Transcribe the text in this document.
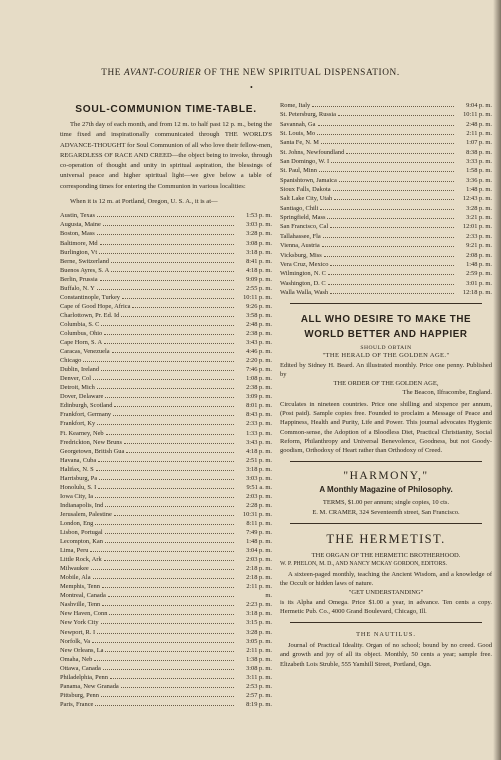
THE AVANT-COURIER OF THE NEW SPIRITUAL DISPENSATION.
•
SOUL-COMMUNION TIME-TABLE.

The 27th day of each month, and from 12 m. to half past 12 p. m., being the time fixed and inspirationally communicated through THE WORLD'S ADVANCE-THOUGHT for Soul Communion of all who love their fellow-men, REGARDLESS OF RACE AND CREED—the object being to invoke, through co-operation of thought and unity in spiritual aspiration, the blessings of universal peace and higher spiritual light—we give below a table of corresponding times for entering the Communion in various localities:

When it is 12 m. at Portland, Oregon, U. S. A., it is at—

Austin, Texas	1:53 p. m.
Augusta, Maine	3:03 p. m.
Boston, Mass	3:28 p. m.
Baltimore, Md	3:08 p. m.
Burlington, Vt	3:18 p. m.
Berne, Switzerland	8:41 p. m.
Buenos Ayres, S. A	4:18 p. m.
Berlin, Prussia	9:09 p. m.
Buffalo, N. Y	2:55 p. m.
Constantinople, Turkey	10:11 p. m.
Cape of Good Hope, Africa	9:26 p. m.
Charlottown, Pr. Ed. Id	3:58 p. m.
Columbia, S. C	2:48 p. m.
Columbus, Ohio	2:38 p. m.
Cape Horn, S. A	3:43 p. m.
Caracas, Venezuela	4:46 p. m.
Chicago	2:20 p. m.
Dublin, Ireland	7:46 p. m.
Denver, Col	1:08 p. m.
Detroit, Mich	2:38 p. m.
Dover, Delaware	3:09 p. m.
Edinburgh, Scotland	8:01 p. m.
Frankfort, Germany	8:43 p. m.
Frankfort, Ky	2:33 p. m.
Ft. Kearney, Neb	1:33 p. m.
Fredrickton, New Bruns	3:43 p. m.
Georgetown, British Gua	4:18 p. m.
Havana, Cuba	2:51 p. m.
Halifax, N. S	3:18 p. m.
Harrisburg, Pa	3:03 p. m.
Honolulu, S. I	9:51 a. m.
Iowa City, Ia	2:03 p. m.
Indianapolis, Ind	2:28 p. m.
Jerusalem, Palestine	10:31 p. m.
London, Eng	8:11 p. m.
Lisbon, Portugal	7:49 p. m.
Lecompton, Kan	1:48 p. m.
Lima, Peru	3:04 p. m.
Little Rock, Ark	2:03 p. m.
Milwaukee	2:18 p. m.
Mobile, Ala	2:18 p. m.
Memphis, Tenn	2:11 p. m.
Montreal, Canada	m.
Nashville, Tenn	2:23 p. m.
New Haven, Conn	3:18 p. m.
New York City	3:15 p. m.
Newport, R. I	3:28 p. m.
Norfolk, Va	3:05 p. m.
New Orleans, La	2:11 p. m.
Omaha, Neb	1:38 p. m.
Ottawa, Canada	3:08 p. m.
Philadelphia, Penn	3:11 p. m.
Panama, New Granada	2:53 p. m.
Pittsburg, Penn	2:57 p. m.
Paris, France	8:19 p. m.
Rome, Italy	9:04 p. m.
St. Petersburg, Russia	10:11 p. m.
Savannah, Ga	2:48 p. m.
St. Louis, Mo	2:11 p. m.
Santa Fe, N. M	1:07 p. m.
St. Johns, Newfoundland	8:38 p. m.
San Domingo, W. I	3:33 p. m.
St. Paul, Minn	1:58 p. m.
Spanishtown, Jamaica	3:36 p. m.
Sioux Falls, Dakota	1:48 p. m.
Salt Lake City, Utah	12:43 p. m.
Santiago, Chili	3:28 p. m.
Springfield, Mass	3:21 p. m.
San Francisco, Cal	12:01 p. m.
Tallahassee, Fla	2:33 p. m.
Vienna, Austria	9:21 p. m.
Vicksburg, Miss	2:08 p. m.
Vera Cruz, Mexico	1:48 p. m.
Wilmington, N. C	2:59 p. m.
Washington, D. C	3:01 p. m.
Walla Walla, Wash	12:18 p. m.
ALL WHO DESIRE TO MAKE THE
WORLD BETTER AND HAPPIER
SHOULD OBTAIN
"THE HERALD OF THE GOLDEN AGE."
Edited by Sidney H. Beard. An illustrated monthly. Price one penny. Published by
THE ORDER OF THE GOLDEN AGE,
The Beacon, Ilfracombe, England.
Circulates in nineteen countries. Price one shilling and sixpence per annum, (Post paid). Sample copies free. Founded to proclaim a Message of Peace and Happiness, Health and Purity, Life and Power. This journal advocates Hygienic Common-sense, the Adoption of a Bloodless Diet, Practical Christianity, Social Reform, Philanthropy and Universal Benevolence, Goodness, but not Goody-goodism, Orthodoxy of Heart rather than Orthodoxy of Creed.
"HARMONY,"
A Monthly Magazine of Philosophy.
TERMS, $1.00 per annum; single copies, 10 cts.
E. M. CRAMER, 324 Seventeenth street, San Francisco.
THE HERMETIST.
THE ORGAN OF THE HERMETIC BROTHERHOOD.
W. P. PHELON, M. D., AND NANCY MCKAY GORDON, EDITORS.
A sixteen-paged monthly, teaching the Ancient Wisdom, and a knowledge of the Occult or hidden laws of nature.
"GET UNDERSTANDING"
is its Alpha and Omega. Price $1.00 a year, in advance. Ten cents a copy. Hermetic Pub. Co., 4000 Grand Boulevard, Chicago, Ill.
THE NAUTILUS.
Journal of Practical Ideality. Organ of no school; bound by no creed. Good and growth and joy of all its object. Monthly, 50 cents a year; sample free. Elizabeth Lois Struble, 555 Yamhill Street, Portland, Ogn.
